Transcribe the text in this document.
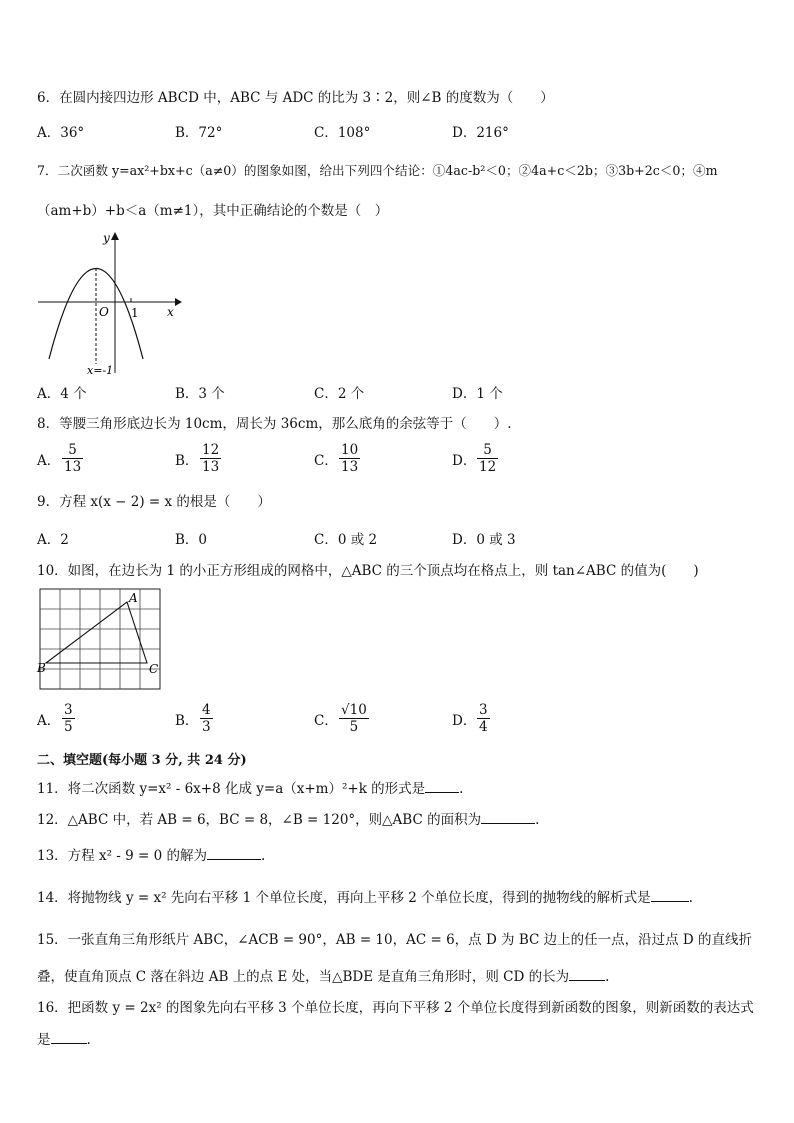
6．在圆内接四边形 ABCD 中，ABC 与 ADC 的比为 3∶2，则∠B 的度数为（　　）
A．36°	B．72°	C．108°	D．216°
7．二次函数 y=ax²+bx+c（a≠0）的图象如图，给出下列四个结论：①4ac-b²＜0；②4a+c＜2b；③3b+2c＜0；④m
（am+b）+b＜a（m≠1），其中正确结论的个数是（　）
y
x
O 1
x=-1
A．4 个	B．3 个	C．2 个	D．1 个
8．等腰三角形底边长为 10cm，周长为 36cm，那么底角的余弦等于（　　）.
A． $\frac{5}{13}$	B． $\frac{12}{13}$	C． $\frac{10}{13}$	D． $\frac{5}{12}$
9．方程 x(x − 2) = x 的根是（　　）
A．2	B．0	C．0 或 2	D．0 或 3
10．如图，在边长为 1 的小正方形组成的网格中，△ABC 的三个顶点均在格点上，则 tan∠ABC 的值为(　　)
A
B	C
A． $\frac{3}{5}$	B． $\frac{4}{3}$	C． $\frac{√10}{5}$	D． $\frac{3}{4}$
二、填空题(每小题 3 分, 共 24 分)
11．将二次函数 y=x² - 6x+8 化成 y=a（x+m）²+k 的形式是	.
12．△ABC 中，若 AB = 6，BC = 8，∠B = 120°，则△ABC 的面积为	.
13．方程 x² - 9 = 0 的解为	.
14．将抛物线 y = x² 先向右平移 1 个单位长度，再向上平移 2 个单位长度，得到的抛物线的解析式是	.
15．一张直角三角形纸片 ABC，∠ACB = 90°，AB = 10，AC = 6，点 D 为 BC 边上的任一点，沿过点 D 的直线折
叠，使直角顶点 C 落在斜边 AB 上的点 E 处，当△BDE 是直角三角形时，则 CD 的长为	.
16．把函数 y = 2x² 的图象先向右平移 3 个单位长度，再向下平移 2 个单位长度得到新函数的图象，则新函数的表达式
是	.
